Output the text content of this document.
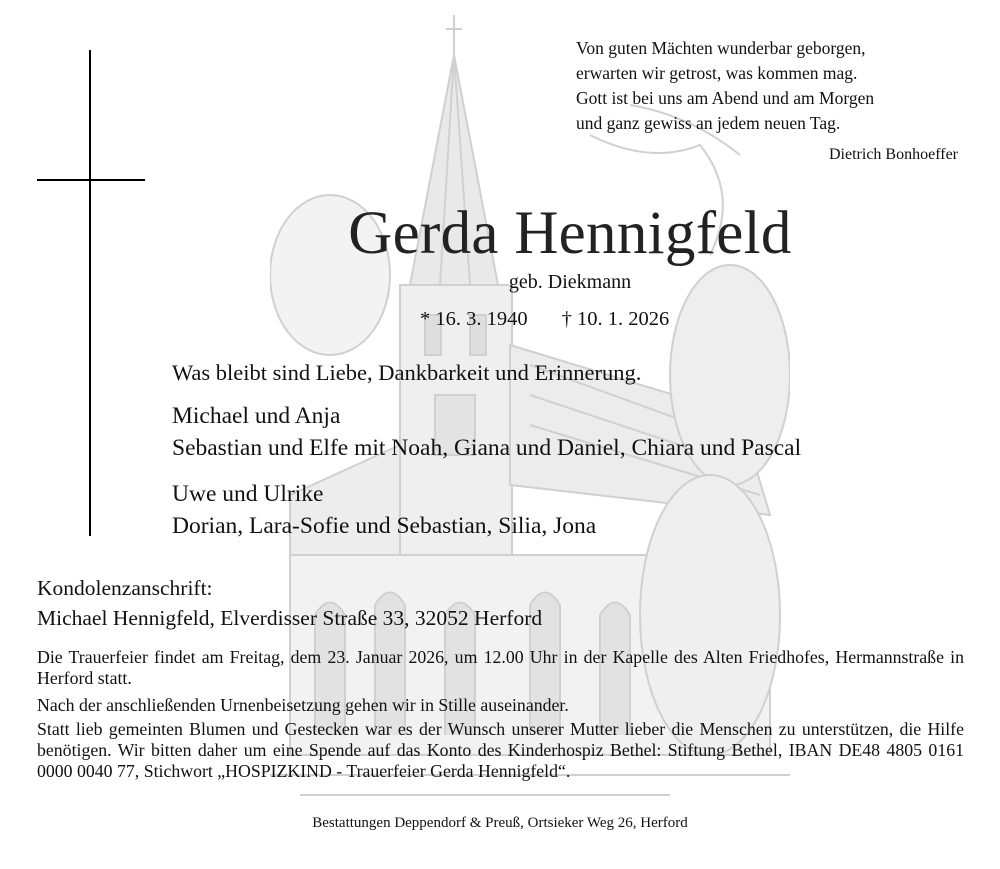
Von guten Mächten wunderbar geborgen,
erwarten wir getrost, was kommen mag.
Gott ist bei uns am Abend und am Morgen
und ganz gewiss an jedem neuen Tag.
Dietrich Bonhoeffer
Gerda Hennigfeld
geb. Diekmann
* 16. 3. 1940 † 10. 1. 2026
Was bleibt sind Liebe, Dankbarkeit und Erinnerung.
Michael und Anja
Sebastian und Elfe mit Noah, Giana und Daniel, Chiara und Pascal
Uwe und Ulrike
Dorian, Lara-Sofie und Sebastian, Silia, Jona
Kondolenzanschrift:
Michael Hennigfeld, Elverdisser Straße 33, 32052 Herford
Die Trauerfeier findet am Freitag, dem 23. Januar 2026, um 12.00 Uhr in der Kapelle des Alten Friedhofes, Hermannstraße in Herford statt.
Nach der anschließenden Urnenbeisetzung gehen wir in Stille auseinander.
Statt lieb gemeinten Blumen und Gestecken war es der Wunsch unserer Mutter lieber die Menschen zu unterstützen, die Hilfe benötigen. Wir bitten daher um eine Spende auf das Konto des Kinderhospiz Bethel: Stiftung Bethel, IBAN DE48 4805 0161 0000 0040 77, Stichwort „HOSPIZKIND - Trauerfeier Gerda Hennigfeld“.
Bestattungen Deppendorf & Preuß, Ortsieker Weg 26, Herford
